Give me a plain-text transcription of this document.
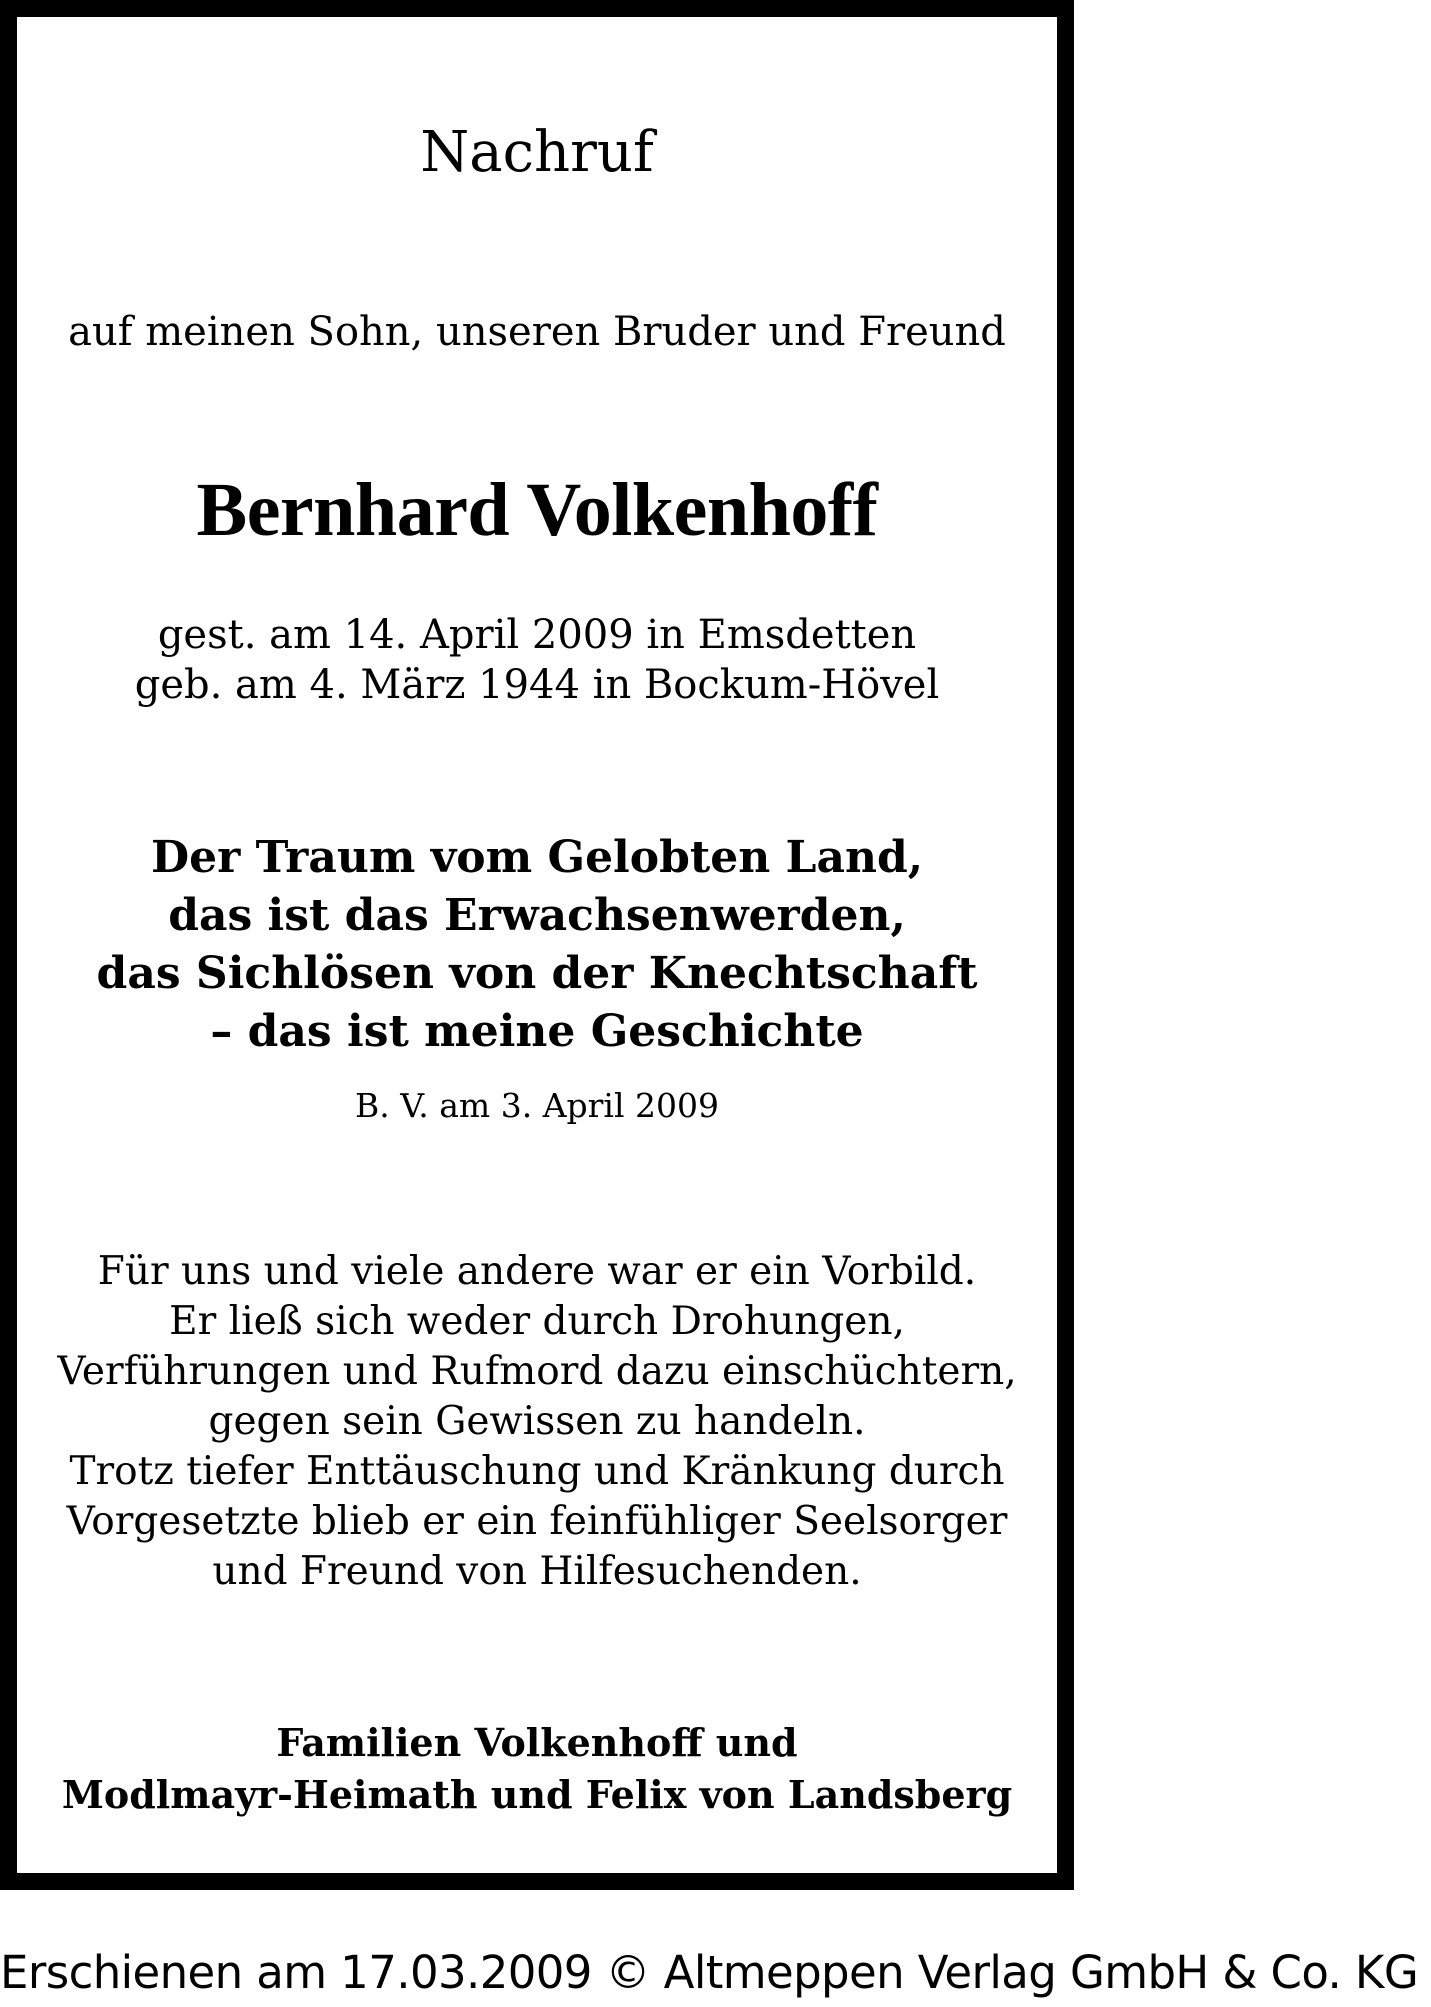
Nachruf
auf meinen Sohn, unseren Bruder und Freund
Bernhard Volkenhoff
gest. am 14. April 2009 in Emsdetten
geb. am 4. März 1944 in Bockum-Hövel
Der Traum vom Gelobten Land,
das ist das Erwachsenwerden,
das Sichlösen von der Knechtschaft
– das ist meine Geschichte
B. V. am 3. April 2009
Für uns und viele andere war er ein Vorbild.
Er ließ sich weder durch Drohungen,
Verführungen und Rufmord dazu einschüchtern,
gegen sein Gewissen zu handeln.
Trotz tiefer Enttäuschung und Kränkung durch
Vorgesetzte blieb er ein feinfühliger Seelsorger
und Freund von Hilfesuchenden.
Familien Volkenhoff und
Modlmayr-Heimath und Felix von Landsberg
Erschienen am 17.03.2009 © Altmeppen Verlag GmbH & Co. KG
